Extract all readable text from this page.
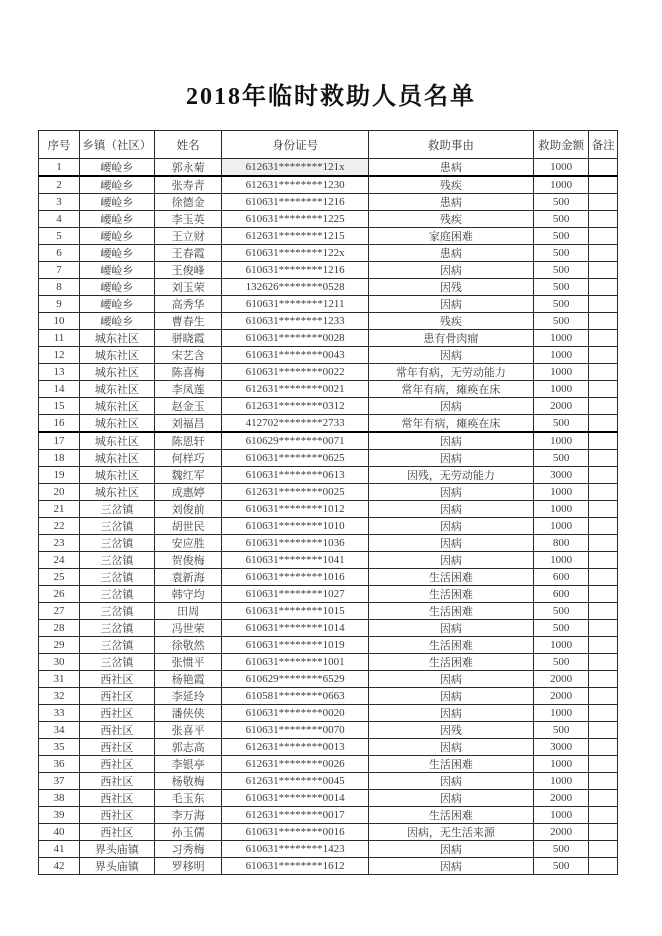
2018年临时救助人员名单
序号	乡镇（社区）	姓名	身份证号	救助事由	救助金额	备注
1	崾崄乡	郭永菊	612631********121x	患病	1000	
2	崾崄乡	张寿青	612631********1230	残疾	1000	
3	崾崄乡	徐德金	610631********1216	患病	500	
4	崾崄乡	李玉英	610631********1225	残疾	500	
5	崾崄乡	王立财	612631********1215	家庭困难	500	
6	崾崄乡	王春霞	610631********122x	患病	500	
7	崾崄乡	王俊峰	610631********1216	因病	500	
8	崾崄乡	刘玉荣	132626********0528	因残	500	
9	崾崄乡	高秀华	610631********1211	因病	500	
10	崾崄乡	曹春生	610631********1233	残疾	500	
11	城东社区	骈晓霞	610631********0028	患有骨肉瘤	1000	
12	城东社区	宋艺含	610631********0043	因病	1000	
13	城东社区	陈喜梅	610631********0022	常年有病，无劳动能力	1000	
14	城东社区	李凤莲	612631********0021	常年有病，瘫痪在床	1000	
15	城东社区	赵金玉	612631********0312	因病	2000	
16	城东社区	刘福昌	412702********2733	常年有病，瘫痪在床	500	
17	城东社区	陈恩轩	610629********0071	因病	1000	
18	城东社区	何样巧	610631********0625	因病	500	
19	城东社区	魏红军	610631********0613	因残，无劳动能力	3000	
20	城东社区	成惠婷	612631********0025	因病	1000	
21	三岔镇	刘俊前	610631********1012	因病	1000	
22	三岔镇	胡世民	610631********1010	因病	1000	
23	三岔镇	安应胜	610631********1036	因病	800	
24	三岔镇	贺俊梅	610631********1041	因病	1000	
25	三岔镇	袁新海	610631********1016	生活困难	600	
26	三岔镇	韩守均	610631********1027	生活困难	600	
27	三岔镇	田周	610631********1015	生活困难	500	
28	三岔镇	冯世荣	610631********1014	因病	500	
29	三岔镇	徐敬然	610631********1019	生活困难	1000	
30	三岔镇	张惯平	610631********1001	生活困难	500	
31	西社区	杨艳霞	610629********6529	因病	2000	
32	西社区	李延玲	610581********0663	因病	2000	
33	西社区	潘侠侠	610631********0020	因病	1000	
34	西社区	张喜平	610631********0070	因残	500	
35	西社区	郭志高	612631********0013	因病	3000	
36	西社区	李银亭	612631********0026	生活困难	1000	
37	西社区	杨敬梅	612631********0045	因病	1000	
38	西社区	毛玉东	610631********0014	因病	2000	
39	西社区	李万海	612631********0017	生活困难	1000	
40	西社区	孙玉儒	610631********0016	因病，无生活来源	2000	
41	界头庙镇	习秀梅	610631********1423	因病	500	
42	界头庙镇	罗移明	610631********1612	因病	500	
